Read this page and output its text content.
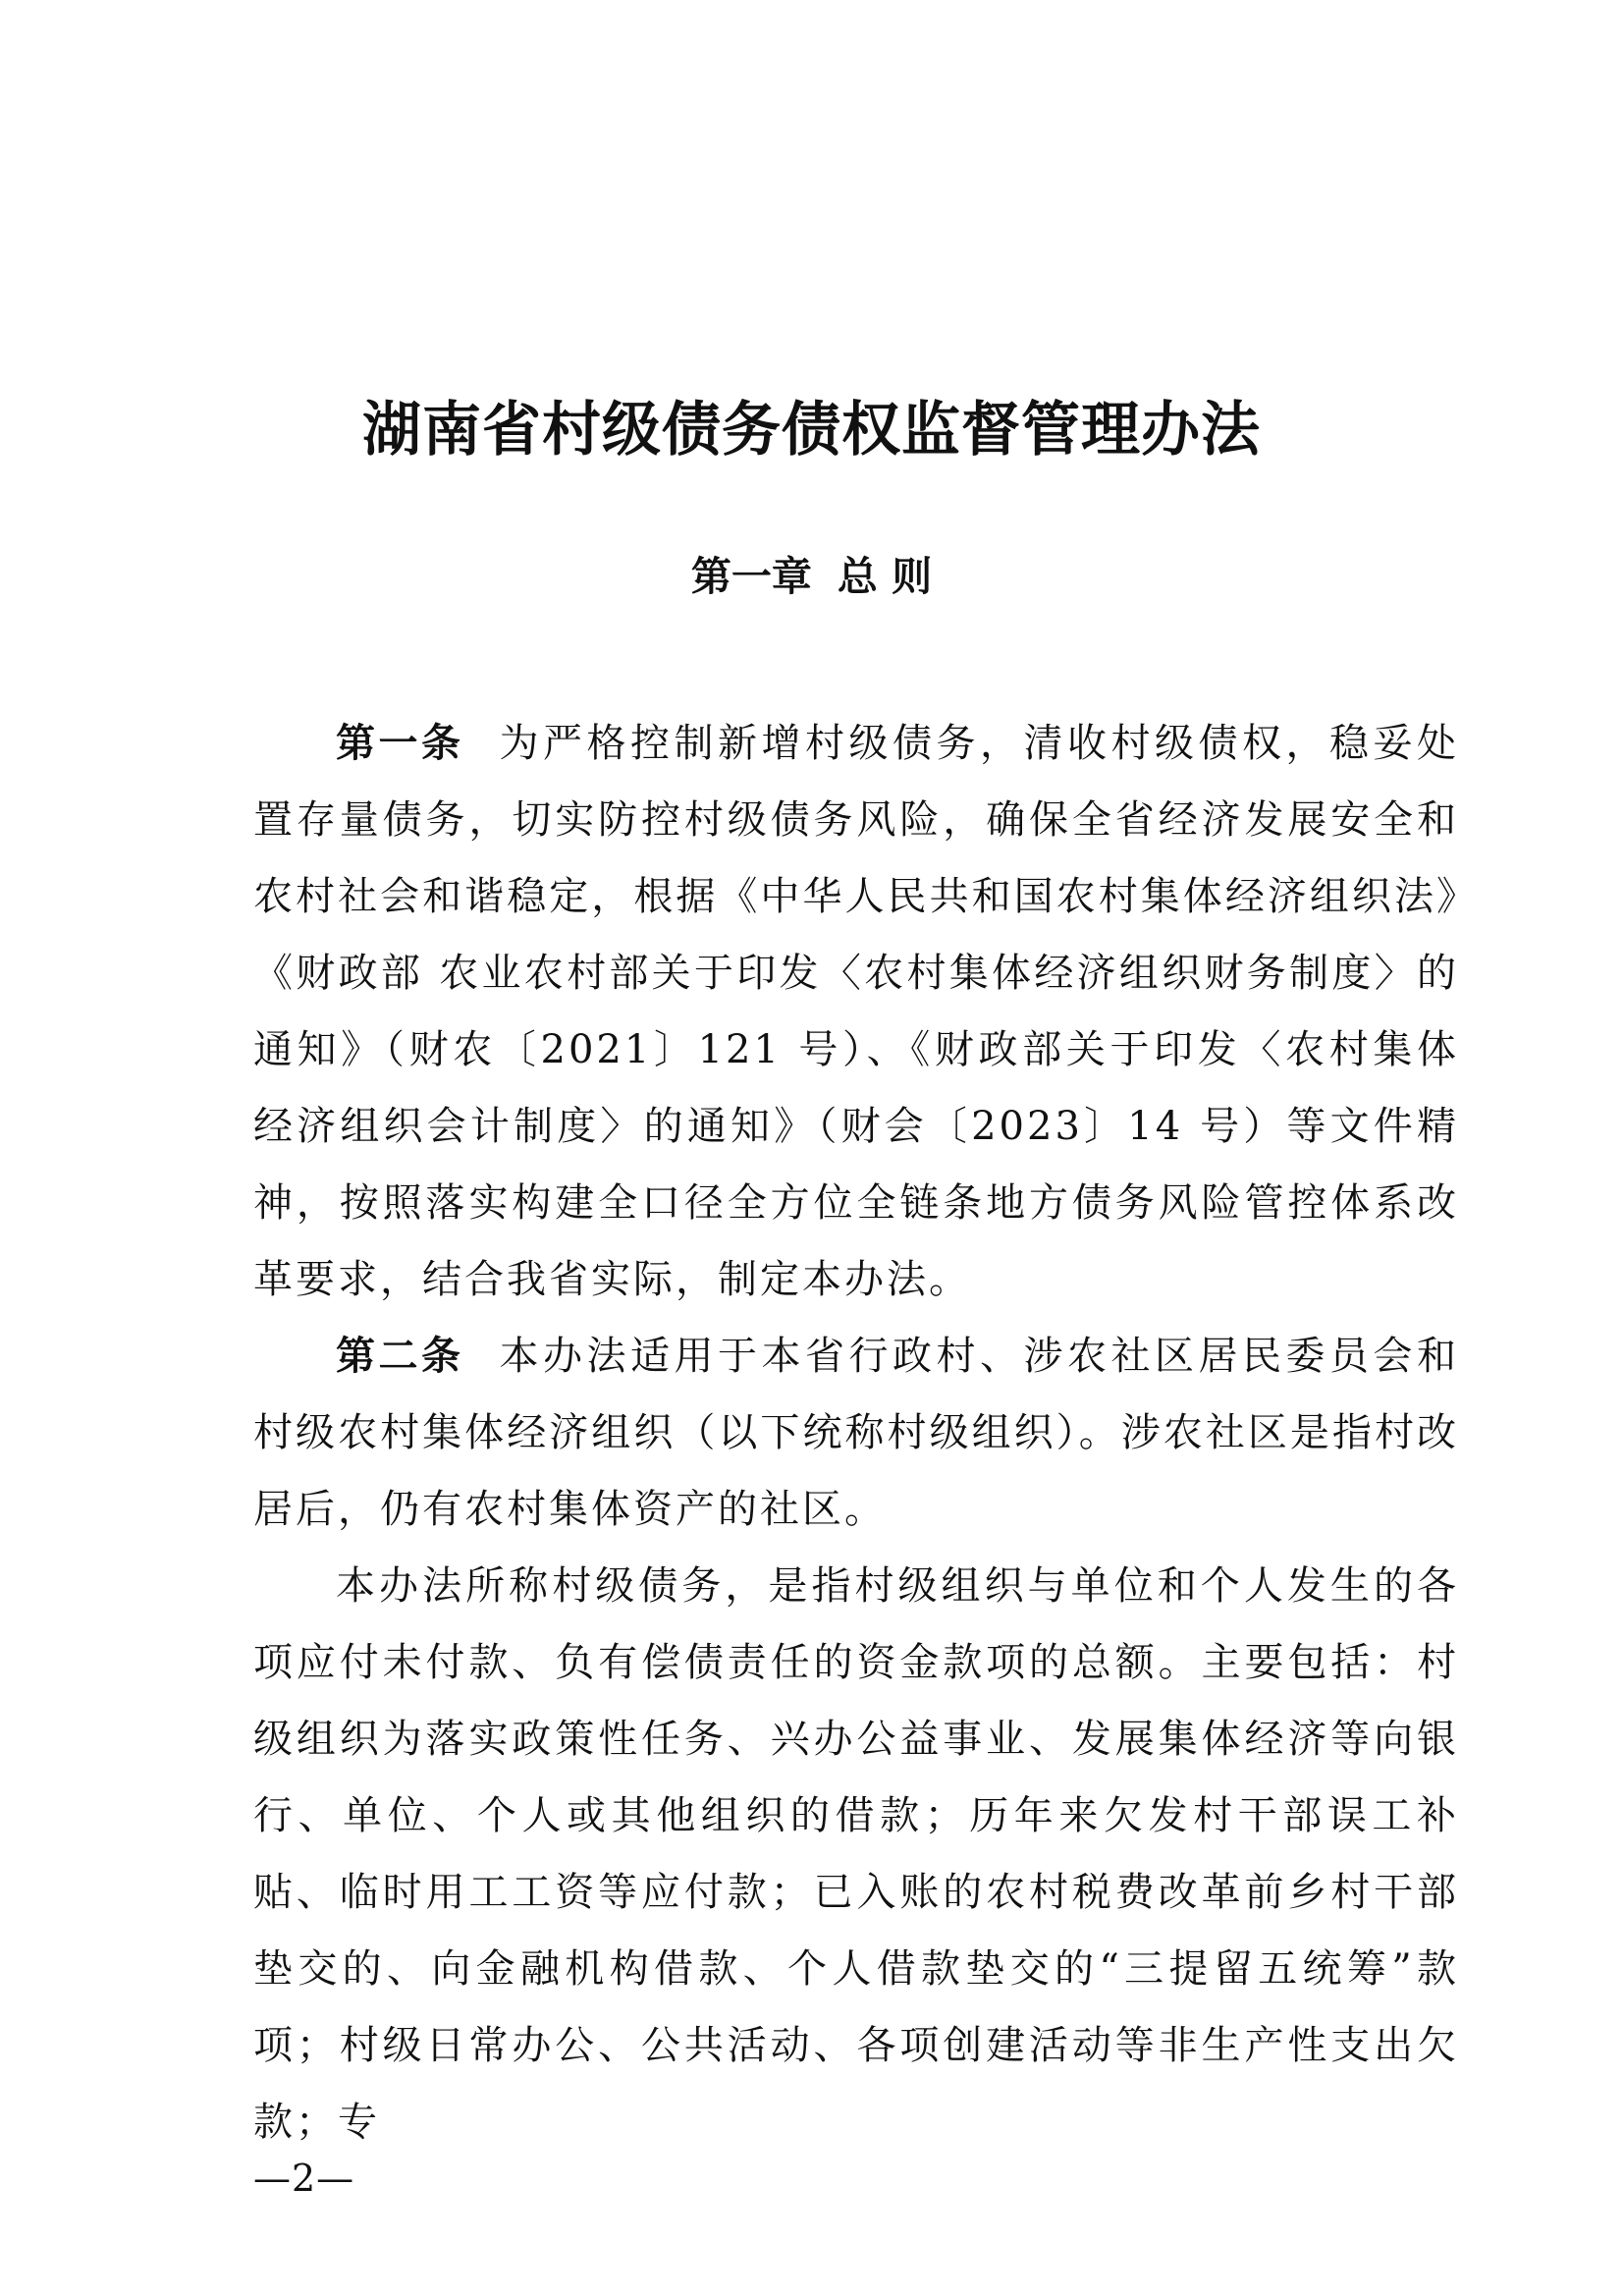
湖南省村级债务债权监督管理办法
第一章 总 则

第一条 为严格控制新增村级债务，清收村级债权，稳妥处置存量债务，切实防控村级债务风险，确保全省经济发展安全和农村社会和谐稳定，根据《中华人民共和国农村集体经济组织法》《财政部 农业农村部关于印发〈农村集体经济组织财务制度〉的通知》（财农〔2021〕121 号）、《财政部关于印发〈农村集体经济组织会计制度〉的通知》（财会〔2023〕14 号）等文件精神，按照落实构建全口径全方位全链条地方债务风险管控体系改革要求，结合我省实际，制定本办法。

第二条 本办法适用于本省行政村、涉农社区居民委员会和村级农村集体经济组织（以下统称村级组织）。涉农社区是指村改居后，仍有农村集体资产的社区。

本办法所称村级债务，是指村级组织与单位和个人发生的各项应付未付款、负有偿债责任的资金款项的总额。主要包括：村级组织为落实政策性任务、兴办公益事业、发展集体经济等向银行、单位、个人或其他组织的借款；历年来欠发村干部误工补贴、临时用工工资等应付款；已入账的农村税费改革前乡村干部垫交的、向金融机构借款、个人借款垫交的“三提留五统筹”款项；村级日常办公、公共活动、各项创建活动等非生产性支出欠款；专

—2—
